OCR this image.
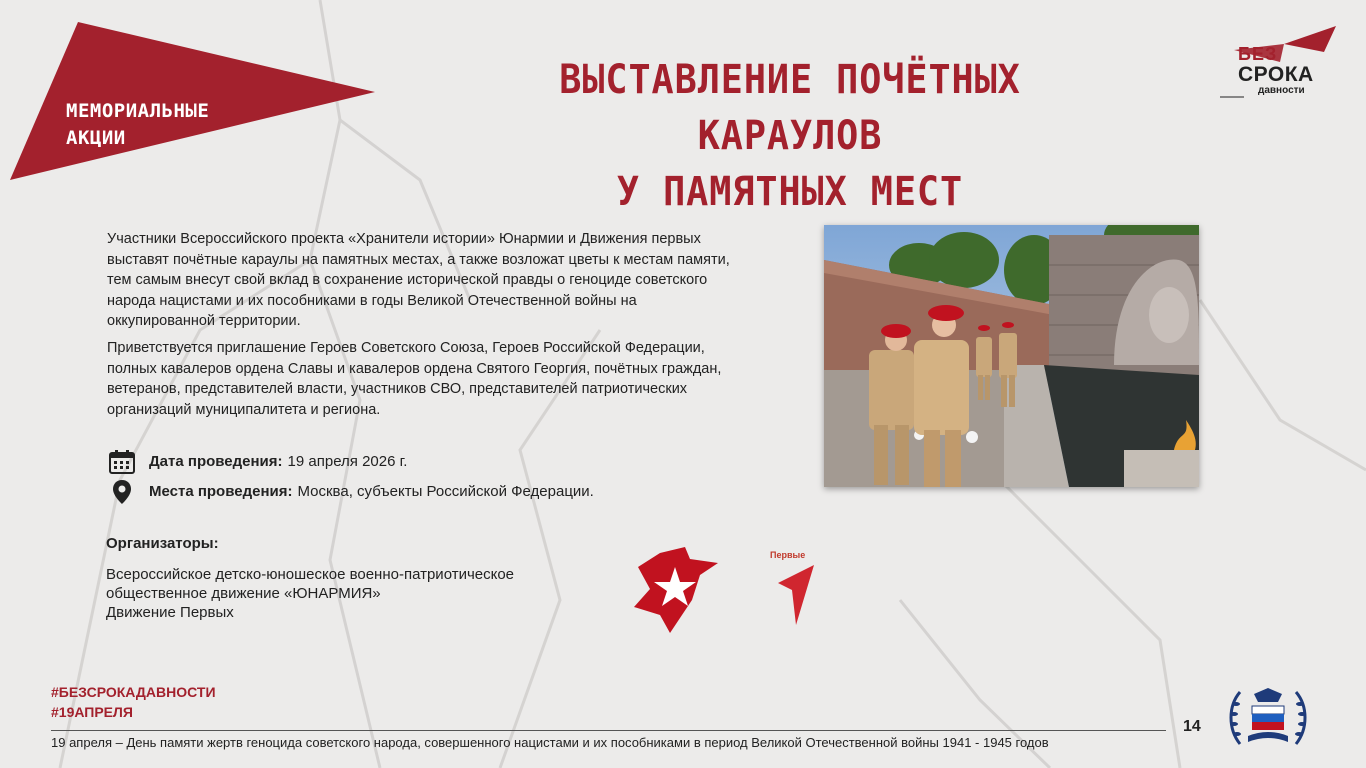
МЕМОРИАЛЬНЫЕ
АКЦИИ
ВЫСТАВЛЕНИЕ ПОЧЁТНЫХ КАРАУЛОВ
У ПАМЯТНЫХ МЕСТ
БЕЗ
СРОКА
давности
Участники Всероссийского проекта «Хранители истории» Юнармии и Движения первых выставят почётные караулы на памятных местах, а также возложат цветы к местам памяти, тем самым внесут свой вклад в сохранение исторической правды о геноциде советского народа нацистами и их пособниками в годы Великой Отечественной войны на оккупированной территории.
Приветствуется приглашение Героев Советского Союза, Героев Российской Федерации, полных кавалеров ордена Славы и кавалеров ордена Святого Георгия, почётных граждан, ветеранов, представителей власти, участников СВО, представителей патриотических организаций муниципалитета и региона.
Дата проведения: 19 апреля 2026 г.
Места проведения: Москва, субъекты Российской Федерации.
Организаторы:
Всероссийское детско-юношеское военно-патриотическое
общественное движение «ЮНАРМИЯ»
Движение Первых
Первые
#БЕЗСРОКАДАВНОСТИ
#19АПРЕЛЯ
19 апреля – День памяти жертв геноцида советского народа, совершенного нацистами и их пособниками в период Великой Отечественной войны 1941 - 1945 годов
14
